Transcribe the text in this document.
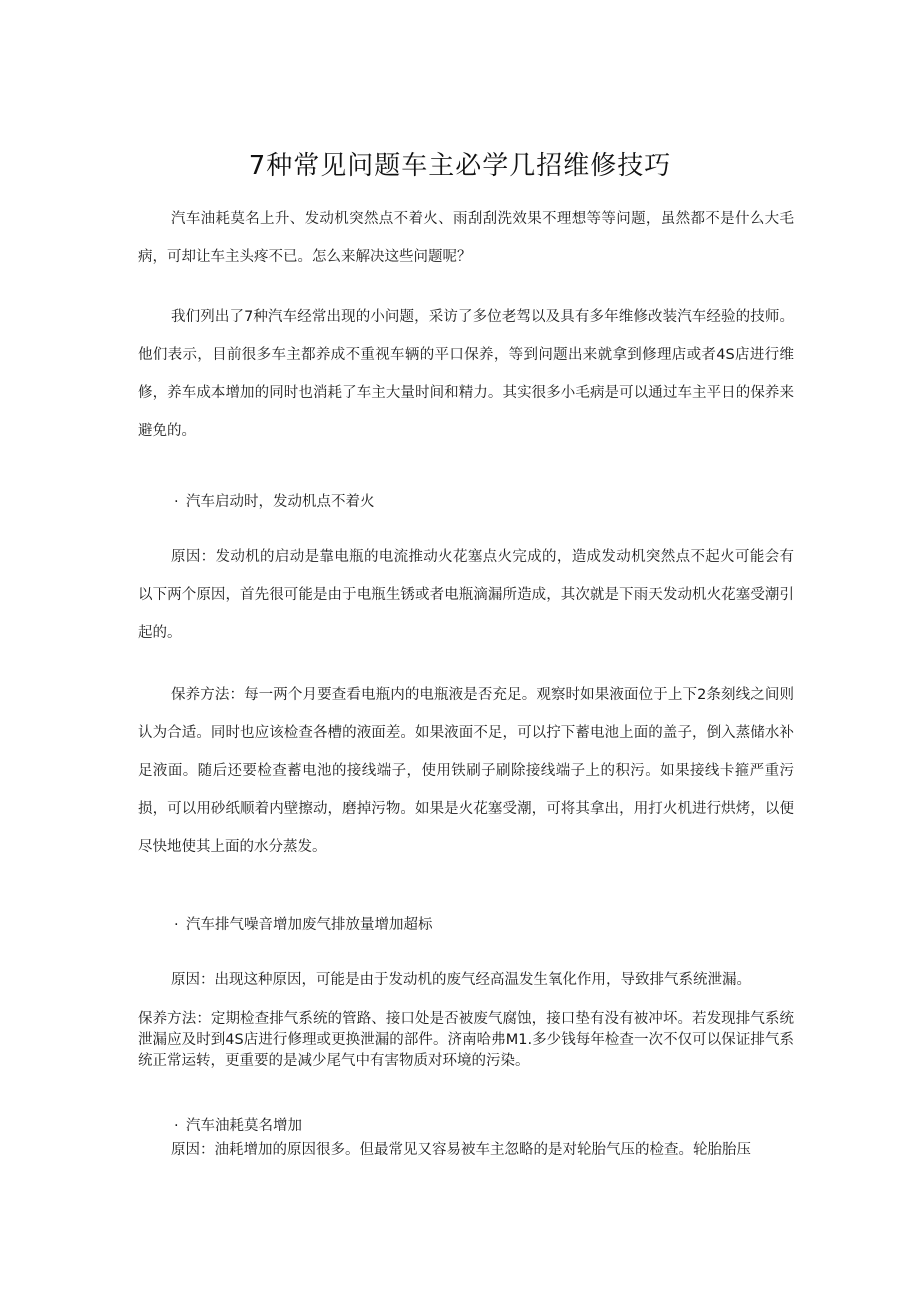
7种常见问题车主必学几招维修技巧

汽车油耗莫名上升、发动机突然点不着火、雨刮刮洗效果不理想等等问题，虽然都不是什么大毛病，可却让车主头疼不已。怎么来解决这些问题呢？

我们列出了7种汽车经常出现的小问题，采访了多位老驾以及具有多年维修改装汽车经验的技师。他们表示，目前很多车主都养成不重视车辆的平口保养，等到问题出来就拿到修理店或者4S店进行维修，养车成本增加的同时也消耗了车主大量时间和精力。其实很多小毛病是可以通过车主平日的保养来避免的。

· 汽车启动时，发动机点不着火

原因：发动机的启动是靠电瓶的电流推动火花塞点火完成的，造成发动机突然点不起火可能会有以下两个原因，首先很可能是由于电瓶生锈或者电瓶滴漏所造成，其次就是下雨天发动机火花塞受潮引起的。

保养方法：每一两个月要查看电瓶内的电瓶液是否充足。观察时如果液面位于上下2条刻线之间则认为合适。同时也应该检查各槽的液面差。如果液面不足，可以拧下蓄电池上面的盖子，倒入蒸储水补足液面。随后还要检查蓄电池的接线端子，使用铁刷子刷除接线端子上的积污。如果接线卡箍严重污损，可以用砂纸顺着内壁擦动，磨掉污物。如果是火花塞受潮，可将其拿出，用打火机进行烘烤，以便尽快地使其上面的水分蒸发。

· 汽车排气噪音增加废气排放量增加超标

原因：出现这种原因，可能是由于发动机的废气经高温发生氧化作用，导致排气系统泄漏。

保养方法：定期检查排气系统的管路、接口处是否被废气腐蚀，接口垫有没有被冲坏。若发现排气系统泄漏应及时到4S店进行修理或更换泄漏的部件。济南哈弗M1.多少钱每年检查一次不仅可以保证排气系统正常运转，更重要的是减少尾气中有害物质对环境的污染。

· 汽车油耗莫名增加

原因：油耗增加的原因很多。但最常见又容易被车主忽略的是对轮胎气压的检查。轮胎胎压
